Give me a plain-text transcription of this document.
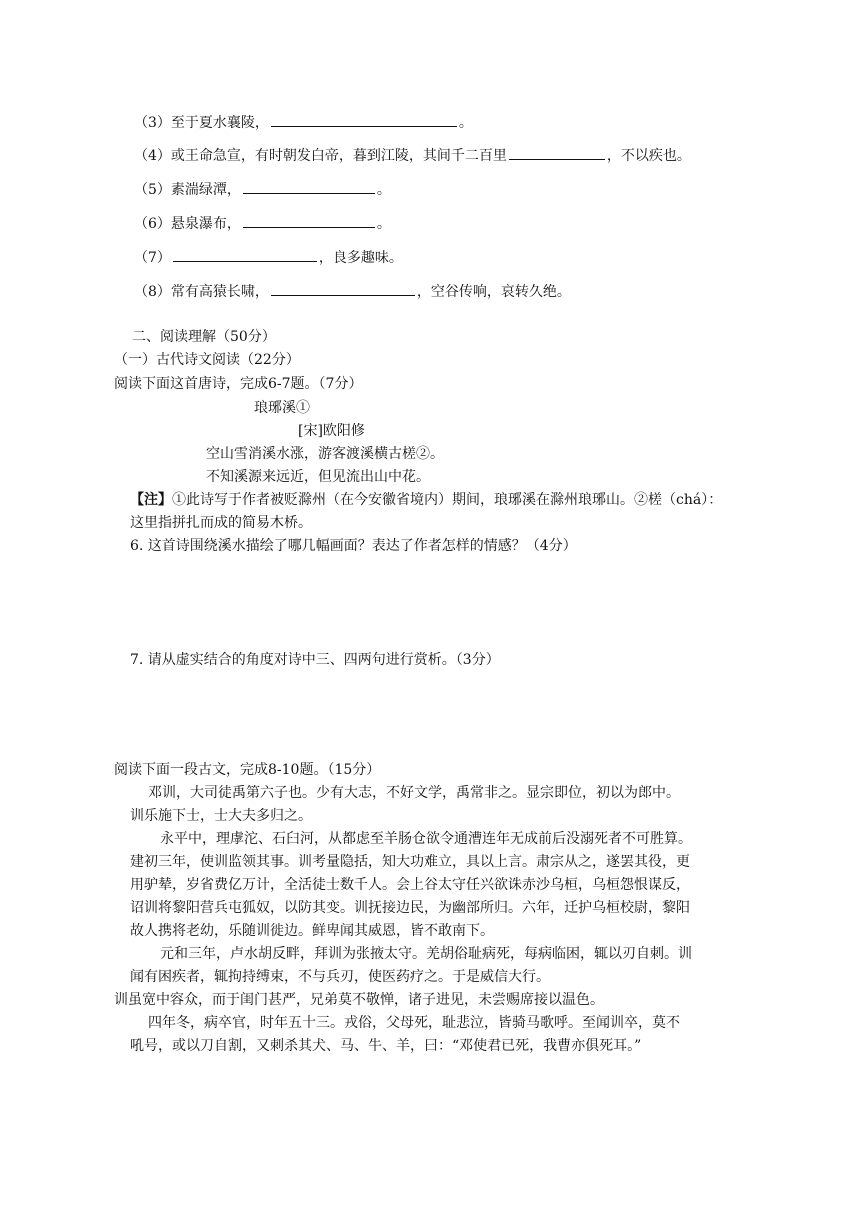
（3）至于夏水襄陵，	。
（4）或王命急宣，有时朝发白帝，暮到江陵，其间千二百里	，不以疾也。
（5）素湍绿潭，	。
（6）悬泉瀑布，	。
（7）	，良多趣味。
（8）常有高猿长啸，	，空谷传响，哀转久绝。
二、阅读理解（50分）
（一）古代诗文阅读（22分）
阅读下面这首唐诗，完成6-7题。（7分）
琅琊溪①
[宋]欧阳修
空山雪消溪水涨，游客渡溪横古槎②。
不知溪源来远近，但见流出山中花。
【注】①此诗写于作者被贬滁州（在今安徽省境内）期间，琅琊溪在滁州琅琊山。②槎（chá）：
这里指拼扎而成的简易木桥。
6. 这首诗围绕溪水描绘了哪几幅画面？表达了作者怎样的情感？（4分）
7. 请从虚实结合的角度对诗中三、四两句进行赏析。（3分）
阅读下面一段古文，完成8-10题。（15分）
邓训，大司徒禹第六子也。少有大志，不好文学，禹常非之。显宗即位，初以为郎中。
训乐施下士，士大夫多归之。
永平中，理虖沱、石臼河，从都虑至羊肠仓欲令通漕连年无成前后没溺死者不可胜算。
建初三年，使训监领其事。训考量隐括，知大功难立，具以上言。肃宗从之，遂罢其役，更
用驴辇，岁省费亿万计，全活徒士数千人。会上谷太守任兴欲诛赤沙乌桓，乌桓怨恨谋反，
诏训将黎阳营兵屯狐奴，以防其变。训抚接边民，为幽部所归。六年，迁护乌桓校尉，黎阳
故人携将老幼，乐随训徙边。鲜卑闻其威恩，皆不敢南下。
元和三年，卢水胡反畔，拜训为张掖太守。羌胡俗耻病死，每病临困，辄以刃自刺。训
闻有困疾者，辄拘持缚束，不与兵刃，使医药疗之。于是威信大行。
训虽宽中容众，而于闺门甚严，兄弟莫不敬惮，诸子进见，未尝赐席接以温色。
四年冬，病卒官，时年五十三。戎俗，父母死，耻悲泣，皆骑马歌呼。至闻训卒，莫不
吼号，或以刀自割，又刺杀其犬、马、牛、羊，曰：“邓使君已死，我曹亦俱死耳。”
